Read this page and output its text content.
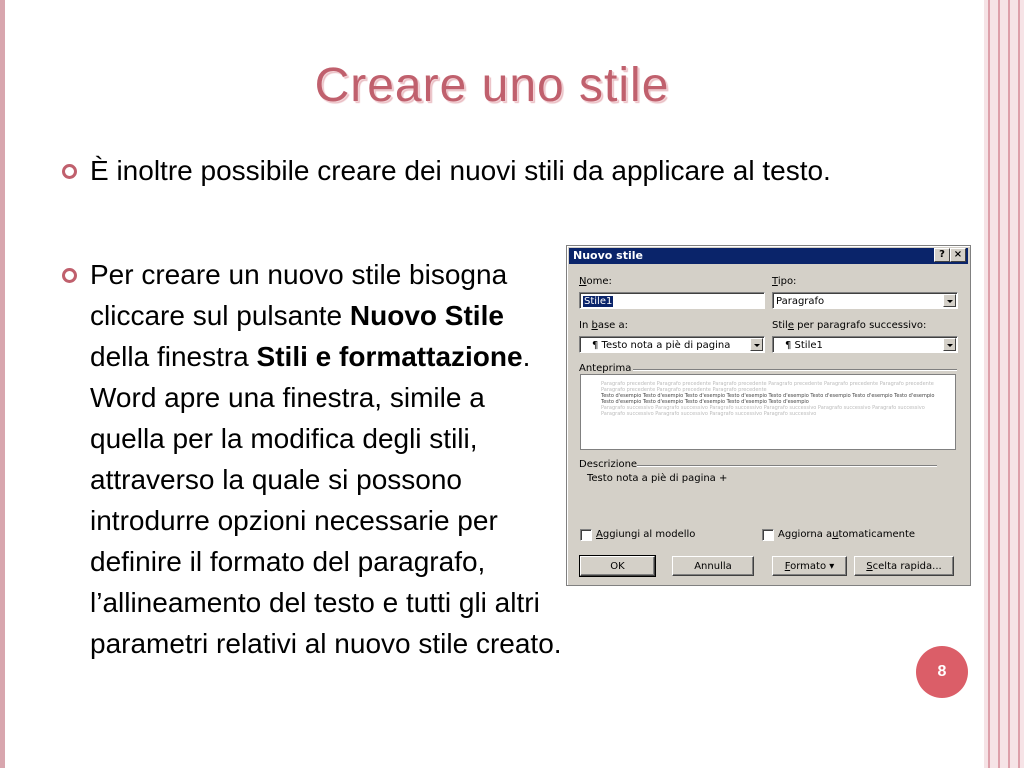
Creare uno stile
È inoltre possibile creare dei nuovi stili da applicare al testo.
Per creare un nuovo stile bisogna cliccare sul pulsante Nuovo Stile della finestra Stili e formattazione. Word apre una finestra, simile a quella per la modifica degli stili, attraverso la quale si possono introdurre opzioni necessarie per definire il formato del paragrafo, l’allineamento del testo e tutti gli altri parametri relativi al nuovo stile creato.
Nuovo stile	? ×
Nome:
Stile1
Tipo:
Paragrafo
In base a:
¶ Testo nota a piè di pagina
Stile per paragrafo successivo:
¶ Stile1
Anteprima
Paragrafo precedente Paragrafo precedente Paragrafo precedente Paragrafo precedente Paragrafo precedente Paragrafo precedente Paragrafo precedente Paragrafo precedente Paragrafo precedente
Testo d'esempio Testo d'esempio Testo d'esempio Testo d'esempio Testo d'esempio Testo d'esempio Testo d'esempio Testo d'esempio Testo d'esempio Testo d'esempio Testo d'esempio Testo d'esempio Testo d'esempio
Paragrafo successivo Paragrafo successivo Paragrafo successivo Paragrafo successivo Paragrafo successivo Paragrafo successivo Paragrafo successivo Paragrafo successivo Paragrafo successivo Paragrafo successivo
Descrizione
Testo nota a piè di pagina +
Aggiungi al modello	Aggiorna automaticamente
OK	Annulla	Formato ▾	Scelta rapida...
8
